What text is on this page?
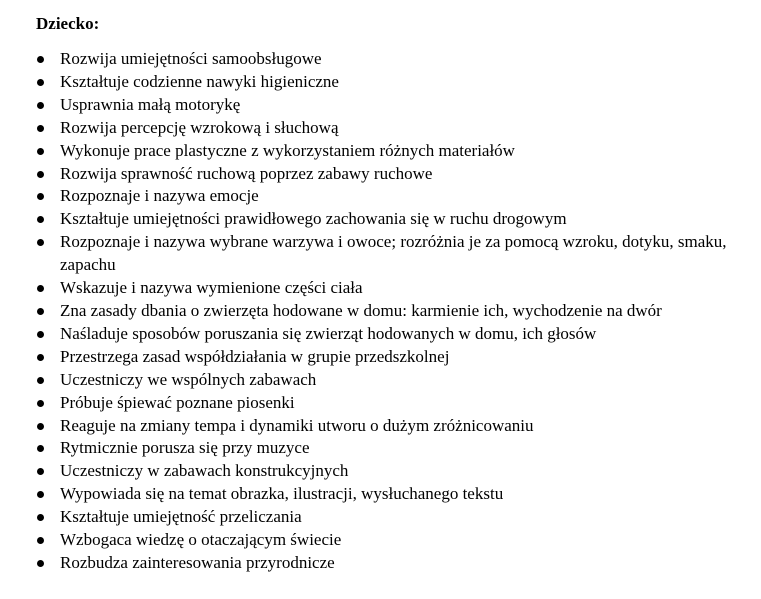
Dziecko:

Rozwija umiejętności samoobsługowe
Kształtuje codzienne nawyki higieniczne
Usprawnia małą motorykę
Rozwija percepcję wzrokową i słuchową
Wykonuje prace plastyczne z wykorzystaniem różnych materiałów
Rozwija sprawność ruchową poprzez zabawy ruchowe
Rozpoznaje i nazywa emocje
Kształtuje umiejętności prawidłowego zachowania się w ruchu drogowym
Rozpoznaje i nazywa wybrane warzywa i owoce; rozróżnia je za pomocą wzroku, dotyku, smaku, zapachu
Wskazuje i nazywa wymienione części ciała
Zna zasady dbania o zwierzęta hodowane w domu: karmienie ich, wychodzenie na dwór
Naśladuje sposobów poruszania się zwierząt hodowanych w domu, ich głosów
Przestrzega zasad współdziałania w grupie przedszkolnej
Uczestniczy we wspólnych zabawach
Próbuje śpiewać poznane piosenki
Reaguje na zmiany tempa i dynamiki utworu o dużym zróżnicowaniu
Rytmicznie porusza się przy muzyce
Uczestniczy w zabawach konstrukcyjnych
Wypowiada się na temat obrazka, ilustracji, wysłuchanego tekstu
Kształtuje umiejętność przeliczania
Wzbogaca wiedzę o otaczającym świecie
Rozbudza zainteresowania przyrodnicze
